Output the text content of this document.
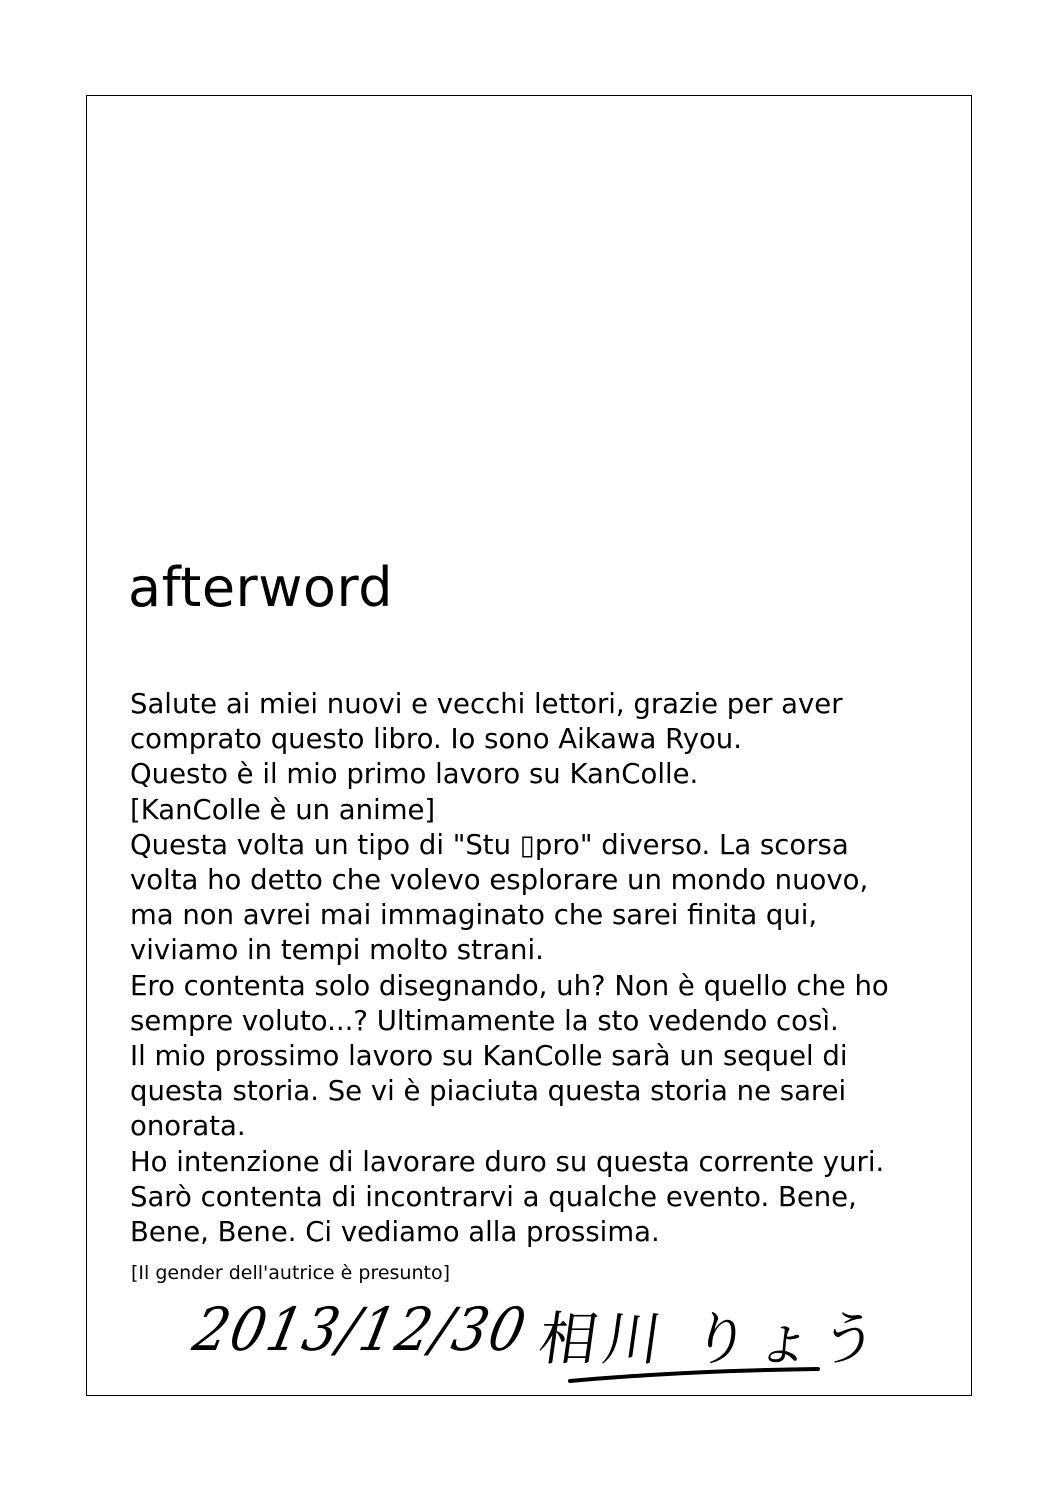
afterword
Salute ai miei nuovi e vecchi lettori, grazie per aver
comprato questo libro. Io sono Aikawa Ryou.
Questo è il mio primo lavoro su KanColle.
[KanColle è un anime]
Questa volta un tipo di "Stu ▯pro" diverso. La scorsa
volta ho detto che volevo esplorare un mondo nuovo,
ma non avrei mai immaginato che sarei finita qui,
viviamo in tempi molto strani.
Ero contenta solo disegnando, uh? Non è quello che ho
sempre voluto...? Ultimamente la sto vedendo così.
Il mio prossimo lavoro su KanColle sarà un sequel di
questa storia. Se vi è piaciuta questa storia ne sarei
onorata.
Ho intenzione di lavorare duro su questa corrente yuri.
Sarò contenta di incontrarvi a qualche evento. Bene,
Bene, Bene. Ci vediamo alla prossima.
[Il gender dell'autrice è presunto]
2013/12/30 相川 りょう
